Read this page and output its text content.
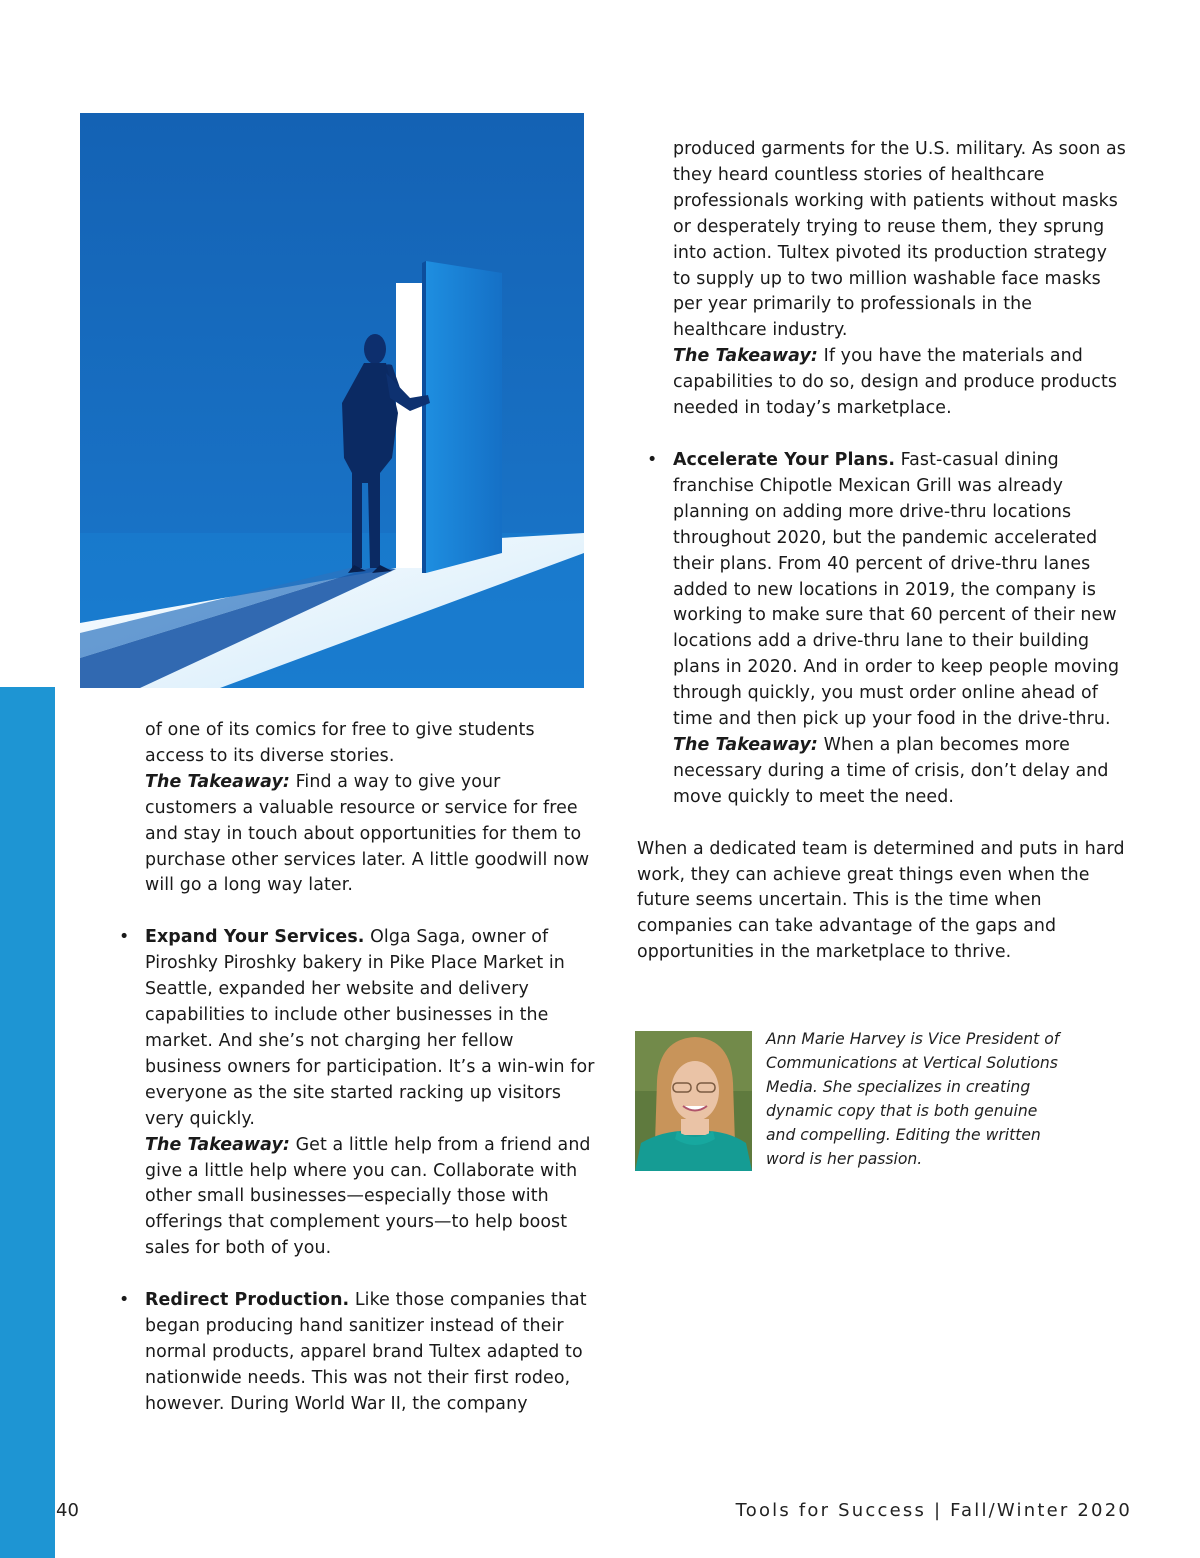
of one of its comics for free to give students access to its diverse stories.

The Takeaway: Find a way to give your customers a valuable resource or service for free and stay in touch about opportunities for them to purchase other services later. A little goodwill now will go a long way later.

• Expand Your Services. Olga Saga, owner of Piroshky Piroshky bakery in Pike Place Market in Seattle, expanded her website and delivery capabilities to include other businesses in the market. And she’s not charging her fellow business owners for participation. It’s a win-win for everyone as the site started racking up visitors very quickly.

The Takeaway: Get a little help from a friend and give a little help where you can. Collaborate with other small businesses—especially those with offerings that complement yours—to help boost sales for both of you.

• Redirect Production. Like those companies that began producing hand sanitizer instead of their normal products, apparel brand Tultex adapted to nationwide needs. This was not their first rodeo, however. During World War II, the company

produced garments for the U.S. military. As soon as they heard countless stories of healthcare professionals working with patients without masks or desperately trying to reuse them, they sprung into action. Tultex pivoted its production strategy to supply up to two million washable face masks per year primarily to professionals in the healthcare industry.

The Takeaway: If you have the materials and capabilities to do so, design and produce products needed in today’s marketplace.

• Accelerate Your Plans. Fast-casual dining franchise Chipotle Mexican Grill was already planning on adding more drive-thru locations throughout 2020, but the pandemic accelerated their plans. From 40 percent of drive-thru lanes added to new locations in 2019, the company is working to make sure that 60 percent of their new locations add a drive-thru lane to their building plans in 2020. And in order to keep people moving through quickly, you must order online ahead of time and then pick up your food in the drive-thru.

The Takeaway: When a plan becomes more necessary during a time of crisis, don’t delay and move quickly to meet the need.

When a dedicated team is determined and puts in hard work, they can achieve great things even when the future seems uncertain. This is the time when companies can take advantage of the gaps and opportunities in the marketplace to thrive.

Ann Marie Harvey is Vice President of Communications at Vertical Solutions Media. She specializes in creating dynamic copy that is both genuine and compelling. Editing the written word is her passion.
40	Tools for Success | Fall/Winter 2020
